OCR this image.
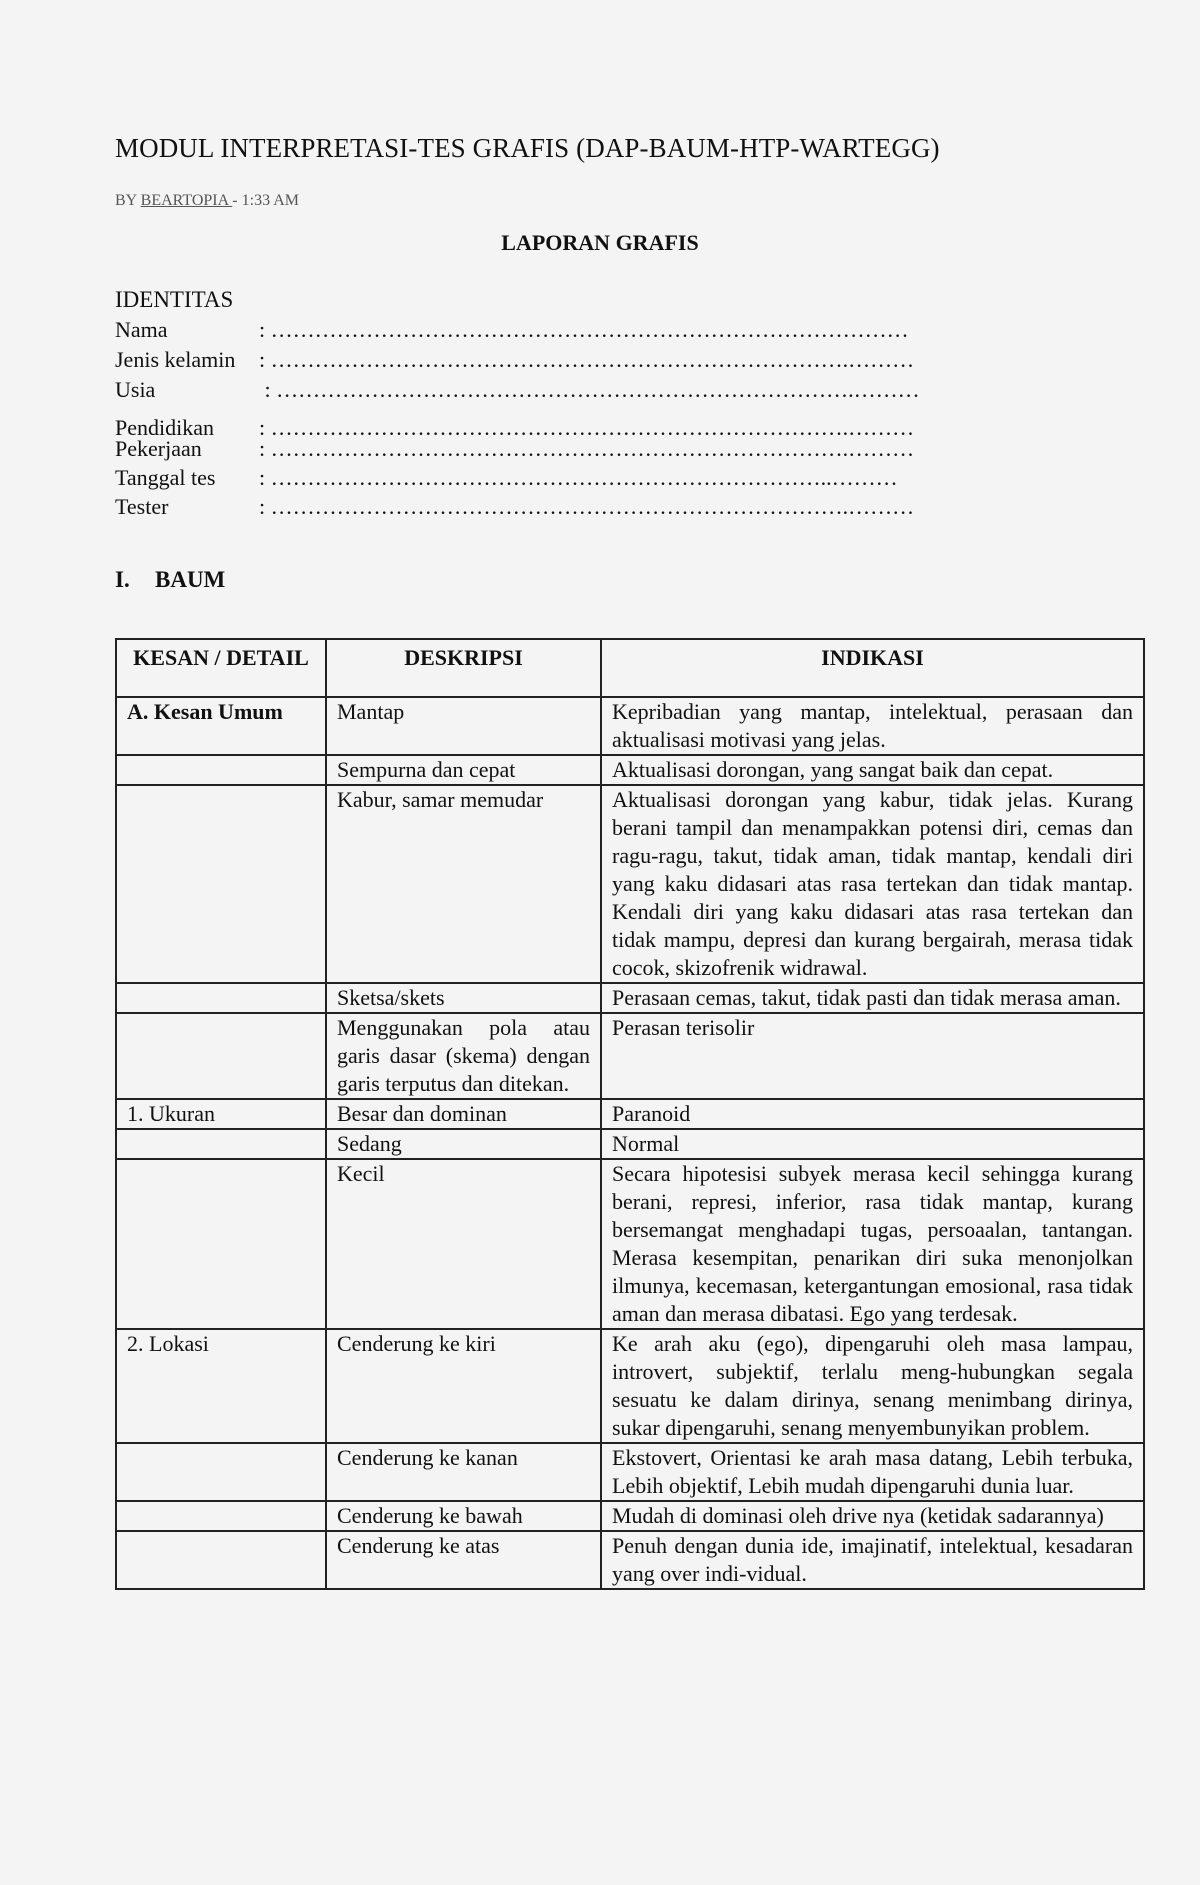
MODUL INTERPRETASI-TES GRAFIS (DAP-BAUM-HTP-WARTEGG)
BY BEARTOPIA - 1:33 AM
LAPORAN GRAFIS
IDENTITAS
Nama	: ……………………………………………………………………………
Jenis kelamin : …………………………………………………………………….………
Usia	: …………………………………………………………………….………
Pendidikan : …………………………………………………………………….………
Pekerjaan	: …………………………………………………………………….………
Tanggal tes : …………………………………………………………………..………
Tester	: …………………………………………………………………….………
I. BAUM
KESAN / DETAIL	DESKRIPSI	INDIKASI
A. Kesan Umum	Mantap	Kepribadian yang mantap, intelektual, perasaan dan aktualisasi motivasi yang jelas.
	Sempurna dan cepat	Aktualisasi dorongan, yang sangat baik dan cepat.
	Kabur, samar memudar	Aktualisasi dorongan yang kabur, tidak jelas. Kurang berani tampil dan menampakkan potensi diri, cemas dan ragu-ragu, takut, tidak aman, tidak mantap, kendali diri yang kaku didasari atas rasa tertekan dan tidak mantap. Kendali diri yang kaku didasari atas rasa tertekan dan tidak mampu, depresi dan kurang bergairah, merasa tidak cocok, skizofrenik widrawal.
	Sketsa/skets	Perasaan cemas, takut, tidak pasti dan tidak merasa aman.
	Menggunakan pola atau garis dasar (skema) dengan garis terputus dan ditekan.	Perasan terisolir
1. Ukuran	Besar dan dominan	Paranoid
	Sedang	Normal
	Kecil	Secara hipotesisi subyek merasa kecil sehingga kurang berani, represi, inferior, rasa tidak mantap, kurang bersemangat menghadapi tugas, persoaalan, tantangan. Merasa kesempitan, penarikan diri suka menonjolkan ilmunya, kecemasan, ketergantungan emosional, rasa tidak aman dan merasa dibatasi. Ego yang terdesak.
2. Lokasi	Cenderung ke kiri	Ke arah aku (ego), dipengaruhi oleh masa lampau, introvert, subjektif, terlalu meng-hubungkan segala sesuatu ke dalam dirinya, senang menimbang dirinya, sukar dipengaruhi, senang menyembunyikan problem.
	Cenderung ke kanan	Ekstovert, Orientasi ke arah masa datang, Lebih terbuka, Lebih objektif, Lebih mudah dipengaruhi dunia luar.
	Cenderung ke bawah	Mudah di dominasi oleh drive nya (ketidak sadarannya)
	Cenderung ke atas	Penuh dengan dunia ide, imajinatif, intelektual, kesadaran yang over indi-vidual.
